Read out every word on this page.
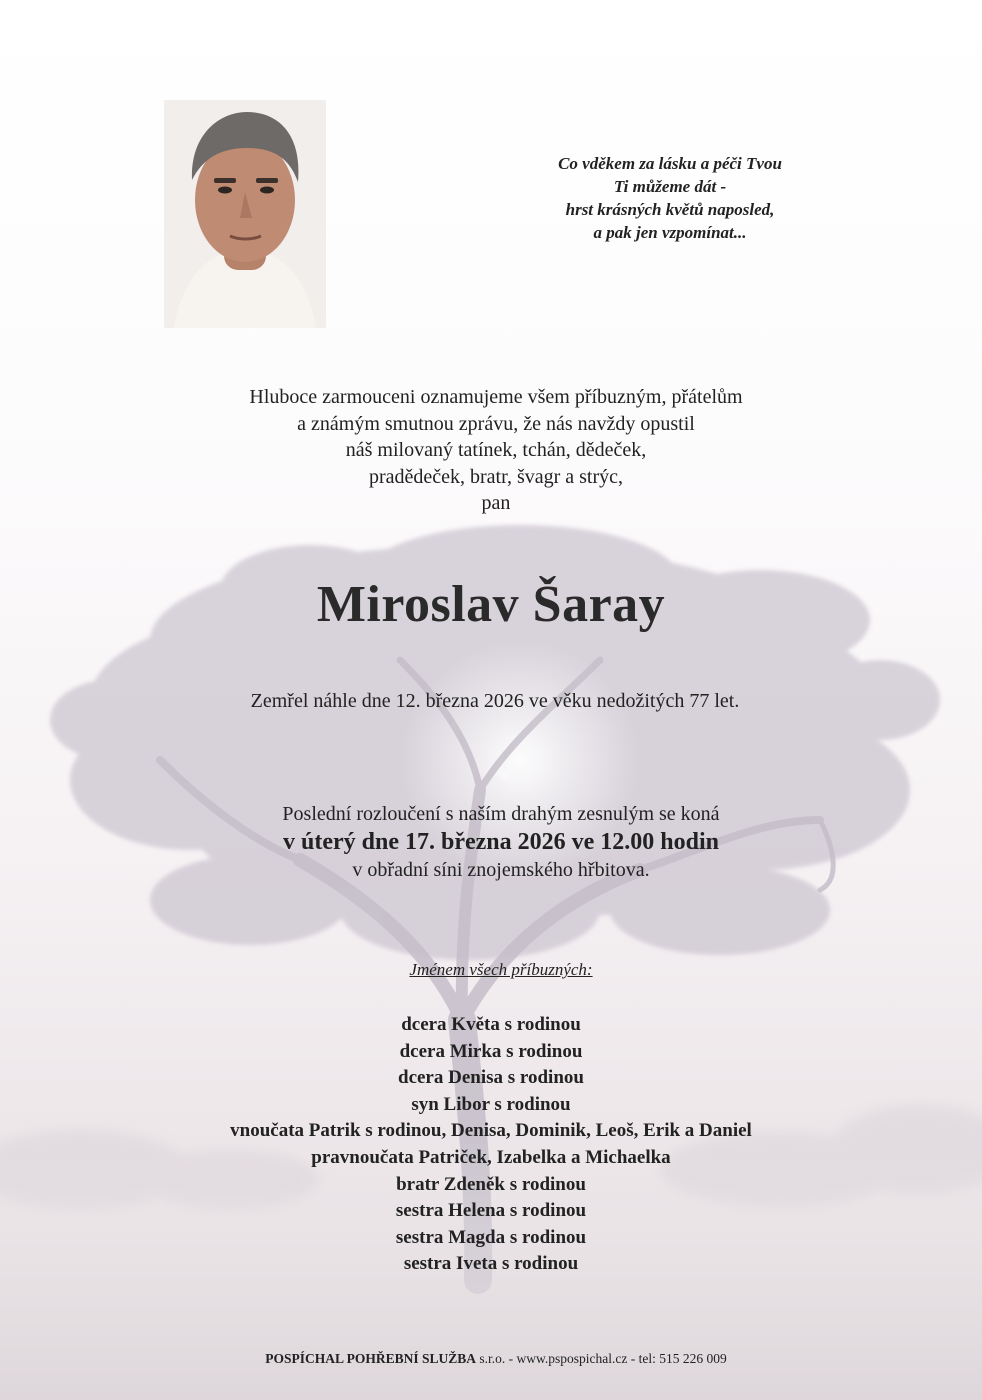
Co vděkem za lásku a péči Tvou
Ti můžeme dát -
hrst krásných květů naposled,
a pak jen vzpomínat...
Hluboce zarmouceni oznamujeme všem příbuzným, přátelům
a známým smutnou zprávu, že nás navždy opustil
náš milovaný tatínek, tchán, dědeček,
pradědeček, bratr, švagr a strýc,
pan
Miroslav Šaray
Zemřel náhle dne 12. března 2026 ve věku nedožitých 77 let.
Poslední rozloučení s naším drahým zesnulým se koná
v úterý dne 17. března 2026 ve 12.00 hodin
v obřadní síni znojemského hřbitova.
Jménem všech příbuzných:
dcera Květa s rodinou
dcera Mirka s rodinou
dcera Denisa s rodinou
syn Libor s rodinou
vnoučata Patrik s rodinou, Denisa, Dominik, Leoš, Erik a Daniel
pravnoučata Patriček, Izabelka a Michaelka
bratr Zdeněk s rodinou
sestra Helena s rodinou
sestra Magda s rodinou
sestra Iveta s rodinou
POSPÍCHAL POHŘEBNÍ SLUŽBA s.r.o. - www.pspospichal.cz - tel: 515 226 009
